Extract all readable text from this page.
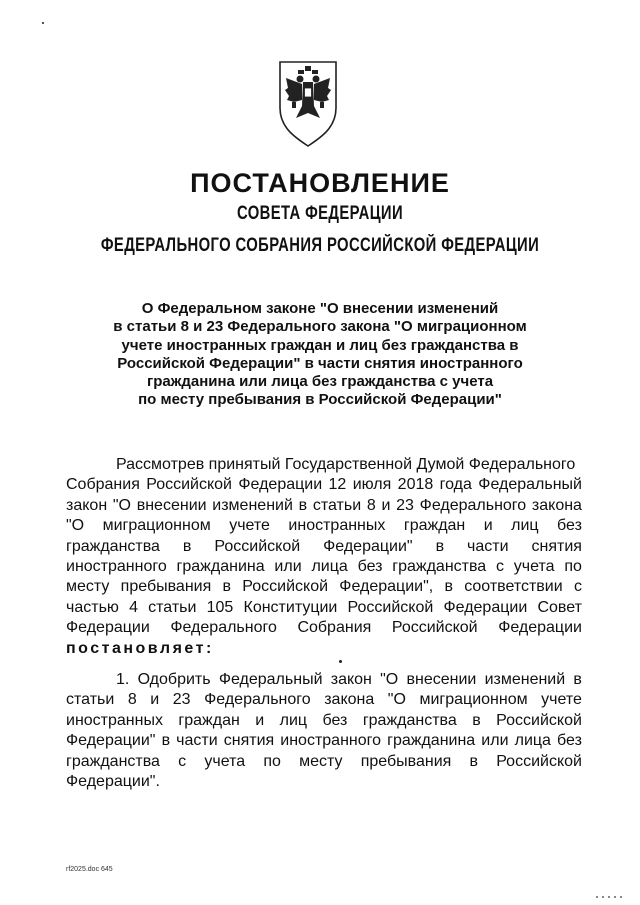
ПОСТАНОВЛЕНИЕ
СОВЕТА ФЕДЕРАЦИИ
ФЕДЕРАЛЬНОГО СОБРАНИЯ РОССИЙСКОЙ ФЕДЕРАЦИИ
О Федеральном законе "О внесении изменений
в статьи 8 и 23 Федерального закона "О миграционном
учете иностранных граждан и лиц без гражданства в
Российской Федерации" в части снятия иностранного
гражданина или лица без гражданства с учета
по месту пребывания в Российской Федерации"
Рассмотрев принятый Государственной Думой Федерального
Собрания Российской Федерации 12 июля 2018 года Федеральный
закон "О внесении изменений в статьи 8 и 23 Федерального закона
"О миграционном учете иностранных граждан и лиц без
гражданства в Российской Федерации" в части снятия
иностранного гражданина или лица без гражданства с учета по
месту пребывания в Российской Федерации", в соответствии с
частью 4 статьи 105 Конституции Российской Федерации Совет
Федерации Федерального Собрания Российской Федерации
постановляет:
1. Одобрить Федеральный закон "О внесении изменений в
статьи 8 и 23 Федерального закона "О миграционном учете
иностранных граждан и лиц без гражданства в Российской
Федерации" в части снятия иностранного гражданина или лица без
гражданства с учета по месту пребывания в Российской
Федерации".
rf2025.doc 645
